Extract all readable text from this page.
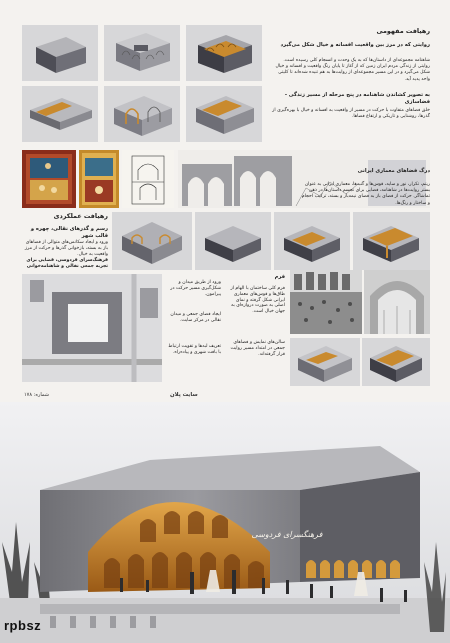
رهیافت مفهومی
روایتی که در مرز بین واقعیت‌ افسانه و خیال شکل می‌گیرد
شاهنامه مجموعه‌ای از داستان‌ها که به یک وحدت و انسجام کلی رسیده است. روایتی از زندگی مردم ایران زمین که از آغاز تا پایان رنگ واقعیت و افسانه و خیال شکل می‌گیرد و در این مسیر مجموعه‌ای از روایت‌ها به هم تنیده شده‌اند تا کلیتی واحد پدید آید.
به تصویر کشاندن شاهنامه در پنج مرحله از مسیر زندگی - فضاسازی
خلق فضاهای متفاوت با حرکت در مسیر از واقعیت به افسانه و خیال با بهره‌گیری از گذرها، روشنایی و تاریکی و ارتفاع فضاها.
درگ فضاهای معماری ایرانی
ریتم، تکرار، نور و سایه، قوس‌ها و گنبدها، معماری ایرانی به عنوان بستر روایت‌ها در شاهنامه، فضایی برای تجسم داستان‌ها در ذهن تماشاگر. حرکت از فضای باز به فضای نیمه‌باز و بسته، ترکیب احجام و ساختار و رنگ‌ها.
رهیافت عملکردی
رسم و گذرهای نقالی، چهره و قالب شهر
ورود و ایجاد سکانس‌های متوالی از فضاهای باز به بسته، بازخوانی گذرها و حرکت از مرز واقعیت به خیال.
ورود از طریق میدان و شکل‌گیری مسیر حرکت در پیرامون.
ایجاد فضای جمعی و میدان نقالی در مرکز سایت.
تعریف لبه‌ها و تقویت ارتباط با بافت شهری و پیاده‌راه.
فرهنگ‌سرای فردوسی، فضایی برای تجربه جمعی نقالی و شاهنامه‌خوانی
فرم
فرم کلی ساختمان با الهام از طاق‌ها و قوس‌های معماری ایرانی شکل گرفته و نمای اصلی به صورت دروازه‌ای به جهان خیال است.
سالن‌های نمایش و فضاهای جمعی در امتداد مسیر روایت قرار گرفته‌اند.
شماره: ۱۷۸	سایت پلان
فرهنگسرای فردوسی
rpbsz
